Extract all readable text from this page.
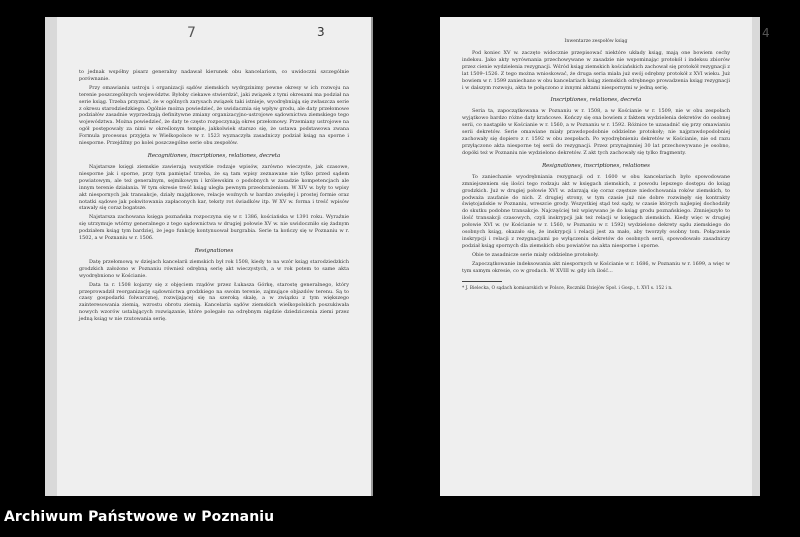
7	3

to jednak współny pisarz generalny nadawał kierunek obu kancelariom, co uwidoczni szczególnie porównanie.

Przy omawianiu ustroju i organizacji sądów ziemskich wydrgzinimy pewne okresy w ich rozwoju na terenie poszczególnych województw. Byłoby ciekawe stwierdzić, jaki związek z tymi okresami ma podział na serie ksiąg. Trzeba przyznać, że w ogólnych zarysach związek taki istnieje, wyodrębniają się zwłaszcza serie z okresu starodziedzkiego. Ogólnie można powiedzieć, że uwidacznia się wpływ grodu, ale daty przełomowe podziałów zasadnie wyprzedzają definitywne zmiany organizacyjno-ustrojowe sądownictwa ziemskiego tego województwa. Można powiedzieć, że daty te często rozpoczynają okres przełomowy. Przemiany ustrojowe na ogół postępowały za nimi w określonym tempie, jakkolwiek starszo się, że ustawa podstawowa zwana Formula processus przyjęta w Wielkopolsce w r. 1523 wyznaczyła zasadniczy podział ksiąg na sporne i niesporne. Przejdźmy po kolei poszczególne serie obu zespołów.

Recognitiones, inscriptiones, relationes, decreta

Najstarsze księgi ziemskie zawierają wszystkie rodzaje wpisów, zarówno wieczyste, jak czasowe, niesporne jak i sporne, przy tym pamiętać trzeba, że są tam wpisy zeznawane nie tylko przed sądem powiatowym, ale też generalnym, sejmikowym i królewskim o podobnych w zasadzie kompetencjach ale innym terenie działania. W tym okresie treść ksiąg uległa pewnym przeobrażeniom. W XIV w. były to wpisy akt niespornych jak transakcje, działy majątkowe, relacje woźnych w bardzo zwięzłej i prostej formie oraz notatki sądowe jak pokwitowania zapłaconych kar, teksty rot świadków itp. W XV w. forma i treść wpisów stawały się coraz bogatsze.

Najstarsza zachowana księga poznańska rozpoczyna się w r. 1386, kościańska w 1391 roku. Wyraźnie się utrzymuje wtórny generalnego z tego sądownictwa w drugiej połowie XV w. nie uwidoczniło się żadnym podziałem ksiąg tym bardziej, że jego funkcję kontynuował burgrabia. Serie ta kończy się w Poznaniu w r. 1502, a w Poznaniu w r. 1506.

Resignationes

Datę przełomową w dziejach kancelarii ziemskich był rok 1508, kiedy to na wzór ksiąg starodziedzkich grodzkich założono w Poznaniu również odrębną serię akt wieczystych, a w rok potem to same akta wyodrębniono w Kościanie.

Data ta r. 1508 kojarzy się z objęciem rządów przez Łukasza Górkę, starostę generalnego, który przeprowadził reorganizację sądownictwa grodzkiego na swoim terenie, zajmujące objazdów terenu. Są to czasy gospodarki folwarcznej, rozwijającej się na szeroką skalę, a w związku z tym większego zainteresowania ziemią, wzrostu obrotu ziemią. Kancelaria sądów ziemskich wielkopolskich poszukiwała nowych wzorów ustalających rozwiązanie, które polegało na odrębnym nigdzie dziedziczenia ziemi przez jedną ksiąg w nie rzutowania serię.

4

Inwentarze zespołów ksiąg

Pod koniec XV w. zaczęto widocznie przepisować niektóre układy ksiąg, mają one bowiem cechy indeksu. Jako akty wyrównania przechowywane w zasadzie nie wspominając protokół i indeksu zbiorów przez cienie wydzielenia rezygnacji. Wśród ksiąg ziemskich kościańskich zachował się protokół rezygnacji z lat 1509–1526. Z tego można wnioskować, że druga seria miała już swój odrębny protokół z XVI wieku. Już bowiem w r. 1599 zaniechano w obu kancelariach ksiąg ziemskich odrębnego prowadzenia ksiąg rezygnacji i w dalszym rozwoju, akta te połączono z innymi aktami niespornymi w jedną serię.

Inscriptiones, relationes, decreta

Seria ta, zapoczątkowana w Poznaniu w r. 1508, a w Kościanie w r. 1509, nie w obu zespołach wyjątkowo bardzo różne daty krańcowe. Kończy się ona bowiem z faktem wydzielenia dekretów do osobnej serii, co nastąpiło w Kościanie w r. 1560, a w Poznaniu w r. 1592. Różnice te uzasadnić się przy omawianiu serii dekretów. Serie omawiane miały prawdopodobnie oddzielne protokoły; nie najprawdopodobniej zachowały się dopiero z r. 1592 w obu zespołach. Po wyodrębnieniu dekretów w Kościanie, nie od razu przyłączono akta niesporne tej serii do rezygnacji. Przez przynajmniej 30 lat przechowywano je osobno, dopóki też w Poznaniu nie wydzielono dekretów. Z akt tych zachowały się tylko fragmenty.

Resignationes, inscriptiones, relationes

To zaniechanie wyodrębniania rezygnacji od r. 1600 w obu kancelariach było spowodowane zmniejszeniem się ilości tego rodzaju akt w księgach ziemskich, z powodu lepszego dostępu do ksiąg grodzkich. Już w drugiej połowie XVI w. zdarzają się coraz częstsze niedochowania roków ziemskich, to podważa zaufanie do nich. Z drugiej strony, w tym czasie już nie dobre rozwinęły się kontrakty świętojańskie w Poznaniu, wreszcie grody. Wszystkiej stąd też sądy, w czasie których najlepiej dochodziły do skutku podobne transakcje. Najczęściej też wpisywano je do ksiąg grodu poznańskiego. Zmniejszyło to ilość transakcji czasowych, czyli inskrypcji jak też relacji w księgach ziemskich. Kiedy więc w drugiej połowie XVI w. (w Kościanie w r. 1560, w Poznaniu w r. 1592) wydzielono dekrety sądu ziemskiego do osobnych ksiąg, okazało się, że inskrypcji i relacji jest za mało, aby tworzyły osobny tom. Połączenie inskrypcji i relacji z rezygnacjami po wyłączeniu dekretów do osobnych serii, spowodowało zasadniczy podział ksiąg spornych dla ziemskich obu powiatów na akta niesporne i sporne.

Obie te zasadnicze serie miały oddzielne protokoły.

Zapoczątkowanie indeksowania akt niespornych w Kościanie w r. 1686, w Poznaniu w r. 1699, a więc w tym samym okresie, co w grodach. W XVIII w. gdy ich ilość...

* J. Bielecka, O sądach komisarskich w Polsce, Roczniki Dziejów Społ. i Gosp., t. XVI s. 152 i n.

Archiwum Państwowe w Poznaniu
